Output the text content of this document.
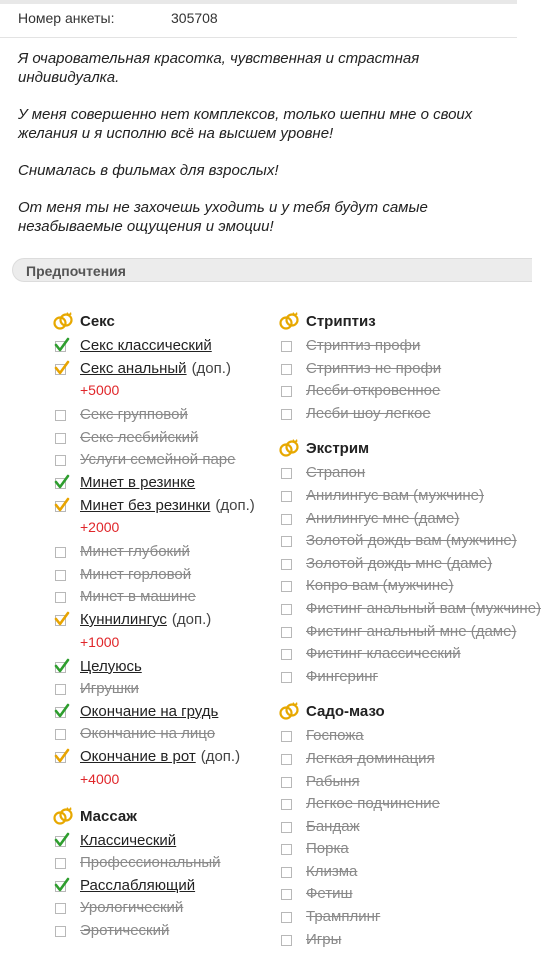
Номер анкеты:	305708

Я очаровательная красотка, чувственная и страстная индивидуалка.

У меня совершенно нет комплексов, только шепни мне о своих желания и я исполню всё на высшем уровне!

Снималась в фильмах для взрослых!

От меня ты не захочешь уходить и у тебя будут самые незабываемые ощущения и эмоции!

Предпочтения
Секс
Секс классический
Секс анальный (доп.)
+5000
Секс групповой
Секс лесбийский
Услуги семейной паре
Минет в резинке
Минет без резинки (доп.)
+2000
Минет глубокий
Минет горловой
Минет в машине
Куннилингус (доп.)
+1000
Целуюсь
Игрушки
Окончание на грудь
Окончание на лицо
Окончание в рот (доп.)
+4000
Массаж
Классический
Профессиональный
Расслабляющий
Урологический
Эротический
Стриптиз
Стриптиз профи
Стриптиз не профи
Лесби откровенное
Лесби шоу легкое
Экстрим
Страпон
Анилингус вам (мужчине)
Анилингус мне (даме)
Золотой дождь вам (мужчине)
Золотой дождь мне (даме)
Копро вам (мужчине)
Фистинг анальный вам (мужчине)
Фистинг анальный мне (даме)
Фистинг классический
Фингеринг
Садо-мазо
Госпожа
Легкая доминация
Рабыня
Легкое подчинение
Бандаж
Порка
Клизма
Фетиш
Трамплинг
Игры
